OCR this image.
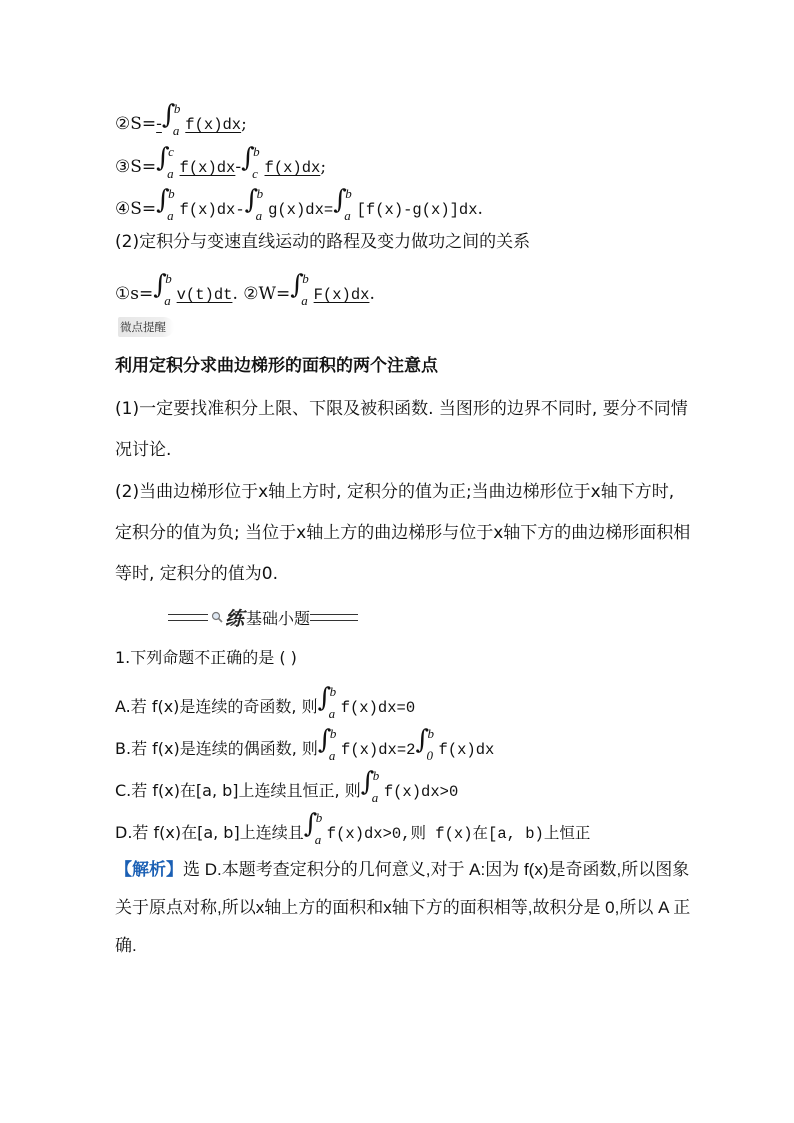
②S=- ∫
b
a f(x)dx;
③S= ∫
c
a f(x)dx- ∫
b
c f(x)dx;
④S= ∫
b
a f(x)dx- ∫
b
a g(x)dx= ∫
b
a [f(x)-g(x)]dx.
(2)定积分与变速直线运动的路程及变力做功之间的关系
①s= ∫
b
a v(t)dt. ②W= ∫
b
a F(x)dx.
微点提醒
利用定积分求曲边梯形的面积的两个注意点
(1)一定要找准积分上限、下限及被积函数. 当图形的边界不同时, 要分不同情况讨论.
(2)当曲边梯形位于x轴上方时, 定积分的值为正;当曲边梯形位于x轴下方时, 定积分的值为负; 当位于x轴上方的曲边梯形与位于x轴下方的曲边梯形面积相等时, 定积分的值为0.
练 基础小题
1.下列命题不正确的是 ( )
A.若 f(x)是连续的奇函数, 则 ∫
b
a f(x)dx=0
B.若 f(x)是连续的偶函数, 则 ∫
b
a f(x)dx=2 ∫
b
0 f(x)dx
C.若 f(x)在[a, b]上连续且恒正, 则 ∫
b
a f(x)dx>0
D.若 f(x)在[a, b]上连续且 ∫
b
a f(x)dx>0,则 f(x)在[a, b)上恒正
【解析】选 D.本题考查定积分的几何意义,对于 A:因为 f(x)是奇函数,所以图象关于原点对称,所以x轴上方的面积和x轴下方的面积相等,故积分是 0,所以 A 正确.
